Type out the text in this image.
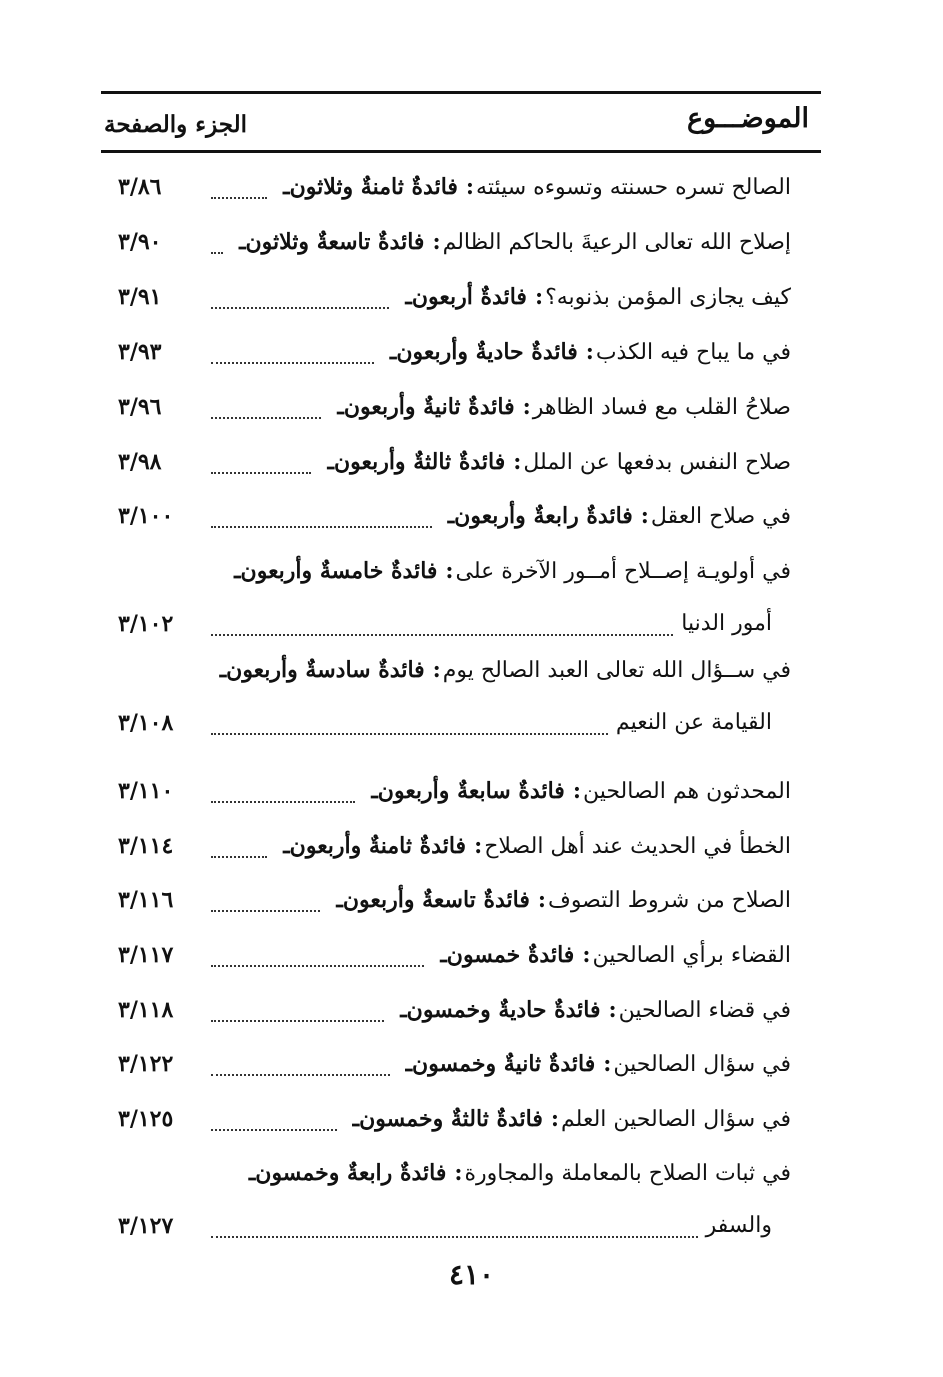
الموضـــوع
الجزء والصفحة
ـ فائدةٌ ثامنةٌ وثلاثون : الصالح تسره حسنته وتسوءه سيئته
٣/٨٦
ـ فائدةٌ تاسعةٌ وثلاثون : إصلاح الله تعالى الرعيةَ بالحاكم الظالم
٣/٩٠
ـ فائدةٌ أربعون : كيف يجازى المؤمن بذنوبه؟
٣/٩١
ـ فائدةٌ حاديةٌ وأربعون : في ما يباح فيه الكذب
٣/٩٣
ـ فائدةٌ ثانيةٌ وأربعون : صلاحُ القلب مع فساد الظاهر
٣/٩٦
ـ فائدةٌ ثالثةٌ وأربعون : صلاح النفس بدفعها عن الملل
٣/٩٨
ـ فائدةٌ رابعةٌ وأربعون : في صلاح العقل
٣/١٠٠
ـ فائدةٌ خامسةٌ وأربعون : في أولويـة إصــلاح أمــور الآخرة على
أمور الدنيا
٣/١٠٢
ـ فائدةٌ سادسةٌ وأربعون : في ســؤال الله تعالى العبد الصالح يوم
القيامة عن النعيم
٣/١٠٨
ـ فائدةٌ سابعةٌ وأربعون : المحدثون هم الصالحين
٣/١١٠
ـ فائدةٌ ثامنةٌ وأربعون : الخطأ في الحديث عند أهل الصلاح
٣/١١٤
ـ فائدةٌ تاسعةٌ وأربعون : الصلاح من شروط التصوف
٣/١١٦
ـ فائدةٌ خمسون : القضاء برأي الصالحين
٣/١١٧
ـ فائدةٌ حاديةٌ وخمسون : في قضاء الصالحين
٣/١١٨
ـ فائدةٌ ثانيةٌ وخمسون : في سؤال الصالحين
٣/١٢٢
ـ فائدةٌ ثالثةٌ وخمسون : في سؤال الصالحين العلم
٣/١٢٥
ـ فائدةٌ رابعةٌ وخمسون : في ثبات الصلاح بالمعاملة والمجاورة
والسفر
٣/١٢٧
٤١٠
